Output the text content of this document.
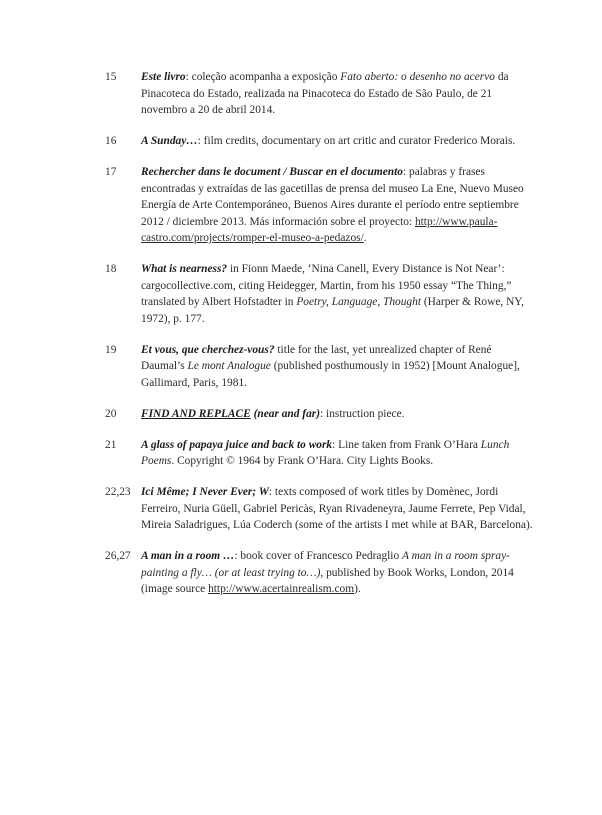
15	Este livro: coleção acompanha a exposição Fato aberto: o desenho no acervo da Pinacoteca do Estado, realizada na Pinacoteca do Estado de São Paulo, de 21 novembro a 20 de abril 2014.
16	A Sunday…: film credits, documentary on art critic and curator Frederico Morais.
17	Rechercher dans le document / Buscar en el documento: palabras y frases encontradas y extraídas de las gacetillas de prensa del museo La Ene, Nuevo Museo Energía de Arte Contemporáneo, Buenos Aires durante el período entre septiembre 2012 / diciembre 2013. Más información sobre el proyecto: http://www.paula-castro.com/projects/romper-el-museo-a-pedazos/.
18	What is nearness? in Fionn Maede, ‘Nina Canell, Every Distance is Not Near’: cargocollective.com, citing Heidegger, Martin, from his 1950 essay “The Thing,” translated by Albert Hofstadter in Poetry, Language, Thought (Harper & Rowe, NY, 1972), p. 177.
19	Et vous, que cherchez-vous? title for the last, yet unrealized chapter of René Daumal’s Le mont Analogue (published posthumously in 1952) [Mount Analogue], Gallimard, Paris, 1981.
20	FIND AND REPLACE (near and far): instruction piece.
21	A glass of papaya juice and back to work: Line taken from Frank O’Hara Lunch Poems. Copyright © 1964 by Frank O’Hara. City Lights Books.
22,23 Ici Même; I Never Ever; W: texts composed of work titles by Domènec, Jordi Ferreiro, Nuria Güell, Gabriel Pericàs, Ryan Rivadeneyra, Jaume Ferrete, Pep Vidal, Mireia Saladrigues, Lúa Coderch (some of the artists I met while at BAR, Barcelona).
26,27 A man in a room …: book cover of Francesco Pedraglio A man in a room spray-painting a fly… (or at least trying to…), published by Book Works, London, 2014 (image source http://www.acertainrealism.com).
